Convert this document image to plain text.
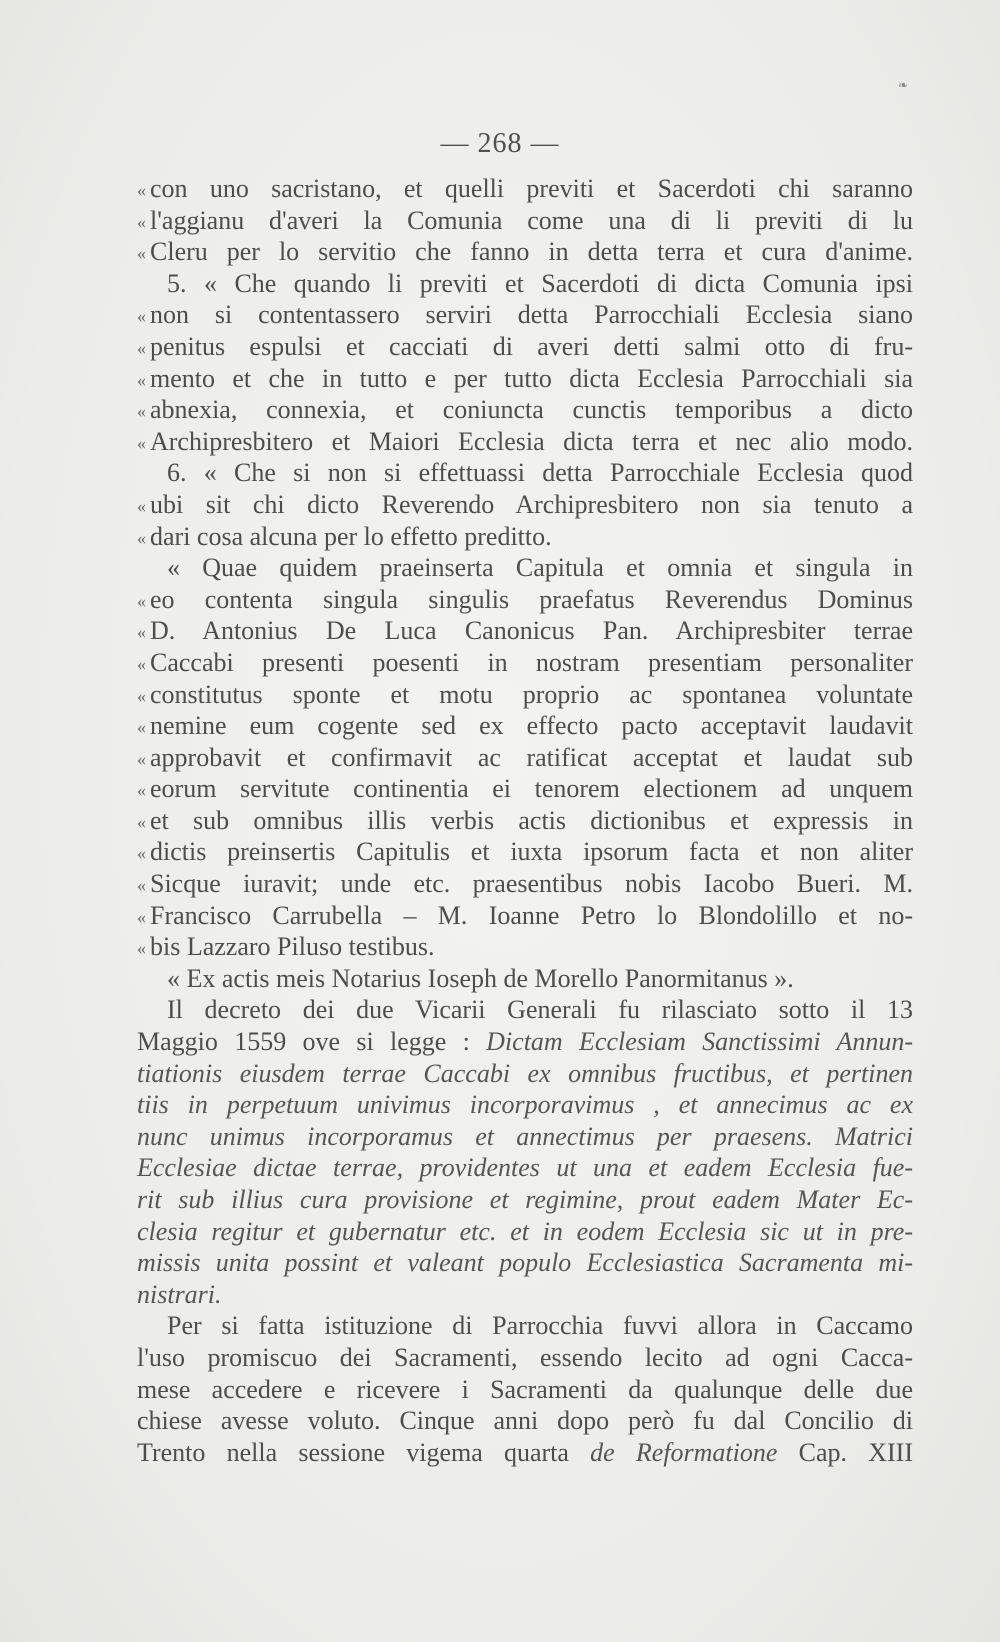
❧
— 268 —
« con uno sacristano, et quelli previti et Sacerdoti chi saranno
« l'aggianu d'averi la Comunia come una di li previti di lu
« Cleru per lo servitio che fanno in detta terra et cura d'anime.
5. « Che quando li previti et Sacerdoti di dicta Comunia ipsi
« non si contentassero serviri detta Parrocchiali Ecclesia siano
« penitus espulsi et cacciati di averi detti salmi otto di fru-
« mento et che in tutto e per tutto dicta Ecclesia Parrocchiali sia
« abnexia, connexia, et coniuncta cunctis temporibus a dicto
« Archipresbitero et Maiori Ecclesia dicta terra et nec alio modo.
6. « Che si non si effettuassi detta Parrocchiale Ecclesia quod
« ubi sit chi dicto Reverendo Archipresbitero non sia tenuto a
« dari cosa alcuna per lo effetto preditto.
« Quae quidem praeinserta Capitula et omnia et singula in
« eo contenta singula singulis praefatus Reverendus Dominus
« D. Antonius De Luca Canonicus Pan. Archipresbiter terrae
« Caccabi presenti poesenti in nostram presentiam personaliter
« constitutus sponte et motu proprio ac spontanea voluntate
« nemine eum cogente sed ex effecto pacto acceptavit laudavit
« approbavit et confirmavit ac ratificat acceptat et laudat sub
« eorum servitute continentia ei tenorem electionem ad unquem
« et sub omnibus illis verbis actis dictionibus et expressis in
« dictis preinsertis Capitulis et iuxta ipsorum facta et non aliter
« Sicque iuravit; unde etc. praesentibus nobis Iacobo Bueri. M.
« Francisco Carrubella – M. Ioanne Petro lo Blondolillo et no-
« bis Lazzaro Piluso testibus.
« Ex actis meis Notarius Ioseph de Morello Panormitanus ».
Il decreto dei due Vicarii Generali fu rilasciato sotto il 13
Maggio 1559 ove si legge : Dictam Ecclesiam Sanctissimi Annun-
tiationis eiusdem terrae Caccabi ex omnibus fructibus, et pertinen
tiis in perpetuum univimus incorporavimus , et annecimus ac ex
nunc unimus incorporamus et annectimus per praesens. Matrici
Ecclesiae dictae terrae, providentes ut una et eadem Ecclesia fue-
rit sub illius cura provisione et regimine, prout eadem Mater Ec-
clesia regitur et gubernatur etc. et in eodem Ecclesia sic ut in pre-
missis unita possint et valeant populo Ecclesiastica Sacramenta mi-
nistrari.
Per si fatta istituzione di Parrocchia fuvvi allora in Caccamo
l'uso promiscuo dei Sacramenti, essendo lecito ad ogni Cacca-
mese accedere e ricevere i Sacramenti da qualunque delle due
chiese avesse voluto. Cinque anni dopo però fu dal Concilio di
Trento nella sessione vigema quarta de Reformatione Cap. XIII
